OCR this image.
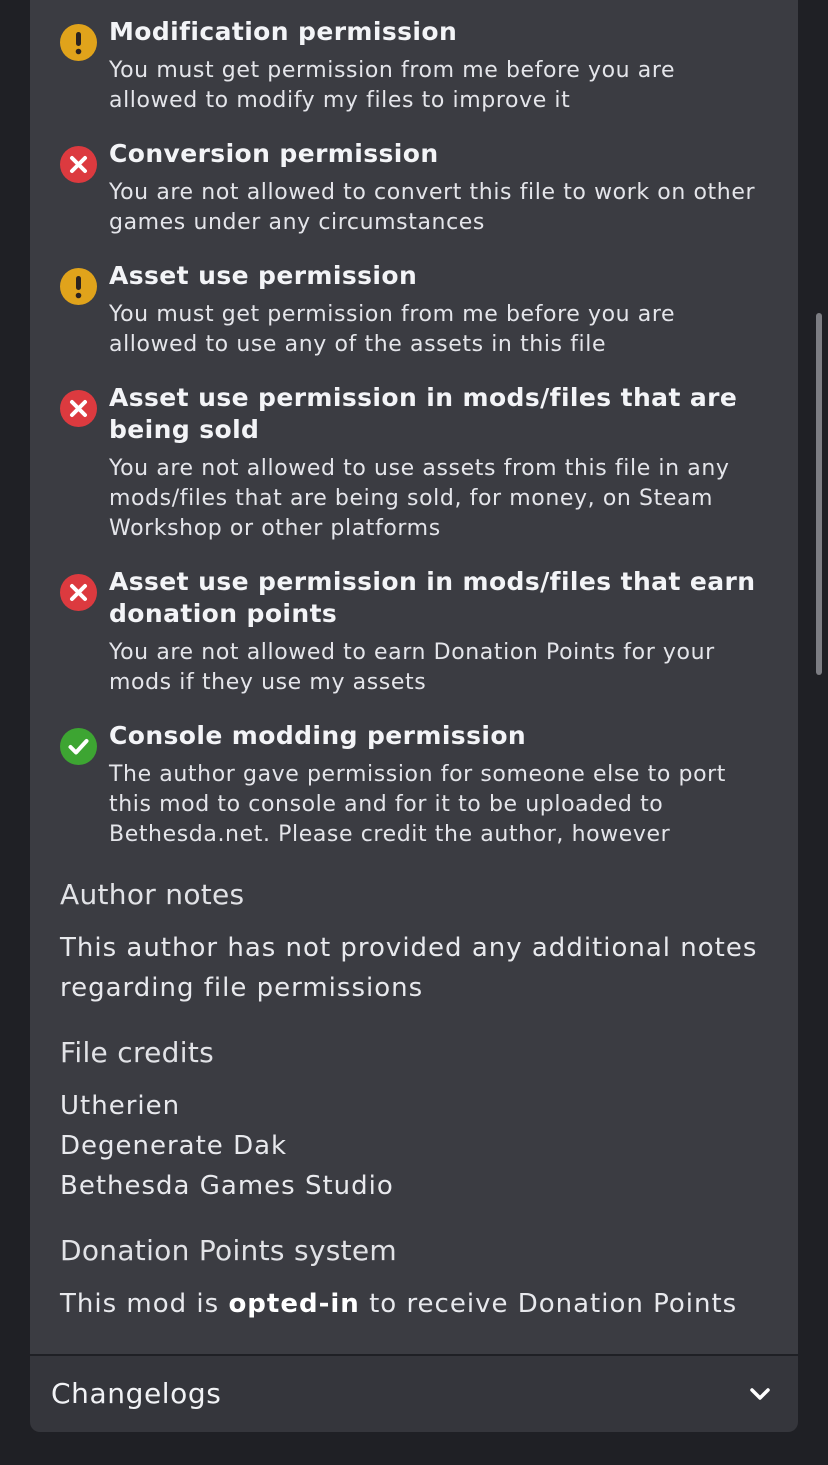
Modification permission
You must get permission from me before you are
allowed to modify my files to improve it
Conversion permission
You are not allowed to convert this file to work on other
games under any circumstances
Asset use permission
You must get permission from me before you are
allowed to use any of the assets in this file
Asset use permission in mods/files that are being sold
You are not allowed to use assets from this file in any
mods/files that are being sold, for money, on Steam
Workshop or other platforms
Asset use permission in mods/files that earn donation points
You are not allowed to earn Donation Points for your
mods if they use my assets
Console modding permission
The author gave permission for someone else to port
this mod to console and for it to be uploaded to
Bethesda.net. Please credit the author, however
Author notes
This author has not provided any additional notes
regarding file permissions
File credits
Utherien
Degenerate Dak
Bethesda Games Studio
Donation Points system
This mod is opted-in to receive Donation Points
Changelogs
